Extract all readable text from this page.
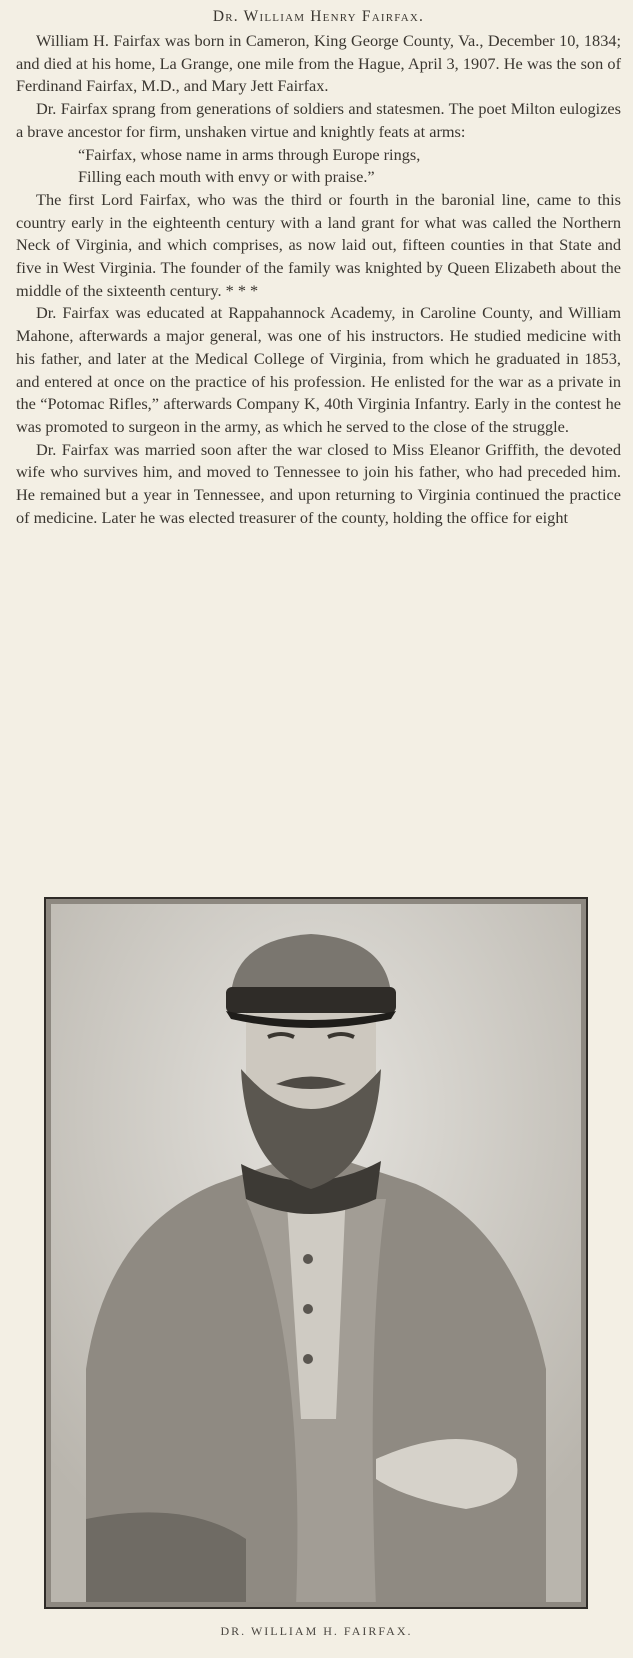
Dr. William Henry Fairfax.

William H. Fairfax was born in Cameron, King George County, Va., December 10, 1834; and died at his home, La Grange, one mile from the Hague, April 3, 1907. He was the son of Ferdinand Fairfax, M.D., and Mary Jett Fairfax.

Dr. Fairfax sprang from generations of soldiers and statesmen. The poet Milton eulogizes a brave ancestor for firm, unshaken virtue and knightly feats at arms:

“Fairfax, whose name in arms through Europe rings,
Filling each mouth with envy or with praise.”

The first Lord Fairfax, who was the third or fourth in the baronial line, came to this country early in the eighteenth century with a land grant for what was called the Northern Neck of Virginia, and which comprises, as now laid out, fifteen counties in that State and five in West Virginia. The founder of the family was knighted by Queen Elizabeth about the middle of the sixteenth century. * * *

Dr. Fairfax was educated at Rappahannock Academy, in Caroline County, and William Mahone, afterwards a major general, was one of his instructors. He studied medicine with his father, and later at the Medical College of Virginia, from which he graduated in 1853, and entered at once on the practice of his profession. He enlisted for the war as a private in the “Potomac Rifles,” afterwards Company K, 40th Virginia Infantry. Early in the contest he was promoted to surgeon in the army, as which he served to the close of the struggle.

Dr. Fairfax was married soon after the war closed to Miss Eleanor Griffith, the devoted wife who survives him, and moved to Tennessee to join his father, who had preceded him. He remained but a year in Tennessee, and upon returning to Virginia continued the practice of medicine. Later he was elected treasurer of the county, holding the office for eight

DR. WILLIAM H. FAIRFAX.
